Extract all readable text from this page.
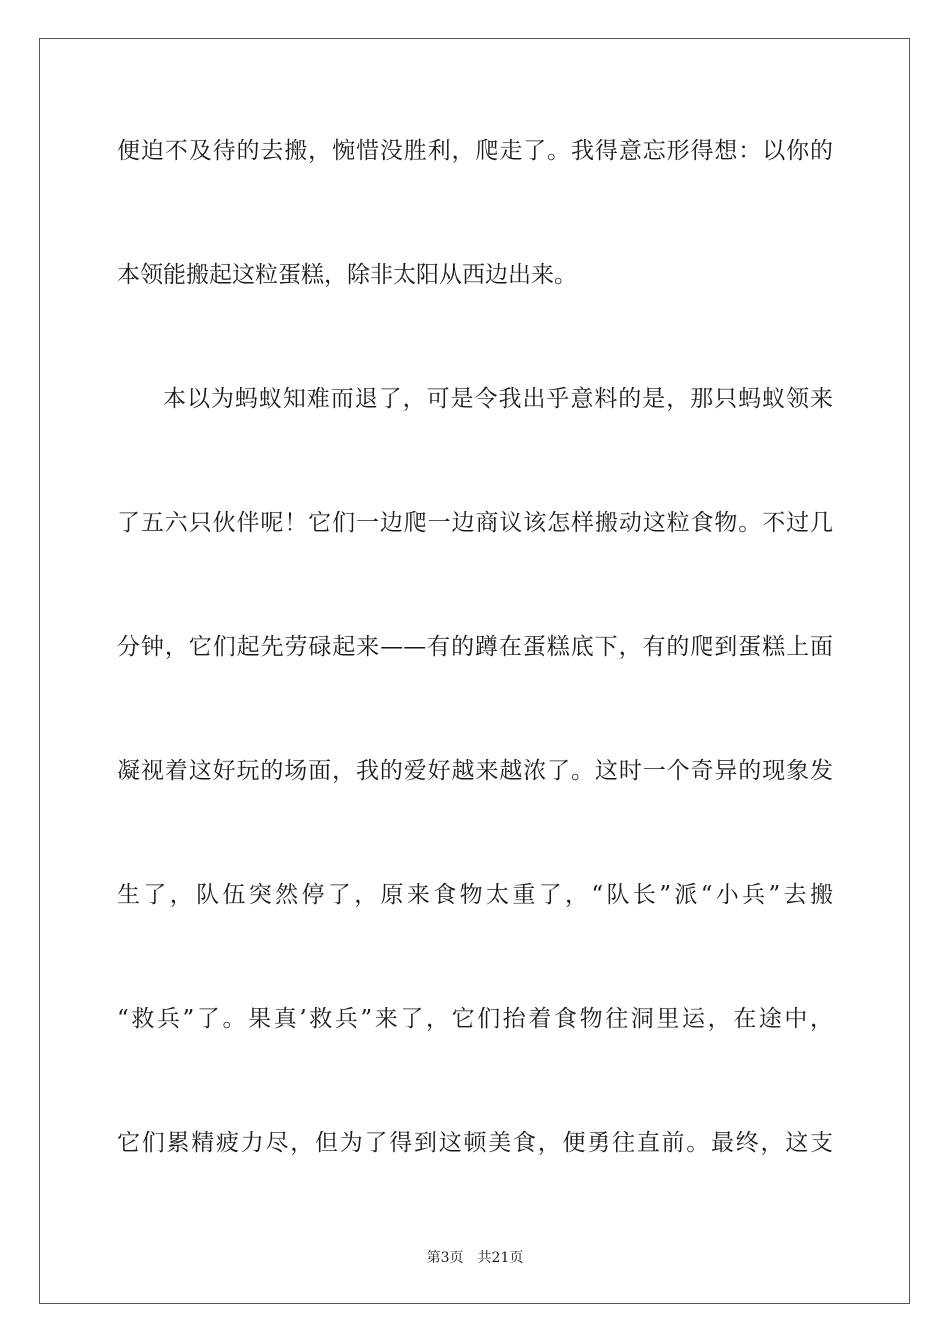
便迫不及待的去搬，惋惜没胜利，爬走了。我得意忘形得想：以你的
本领能搬起这粒蛋糕，除非太阳从西边出来。
本以为蚂蚁知难而退了，可是令我出乎意料的是，那只蚂蚁领来
了五六只伙伴呢！它们一边爬一边商议该怎样搬动这粒食物。不过几
分钟，它们起先劳碌起来——有的蹲在蛋糕底下，有的爬到蛋糕上面
凝视着这好玩的场面，我的爱好越来越浓了。这时一个奇异的现象发
生了，队伍突然停了，原来食物太重了，“队长”派“小兵”去搬
“救兵”了。果真’救兵”来了，它们抬着食物往洞里运，在途中，
它们累精疲力尽，但为了得到这顿美食，便勇往直前。最终，这支
第3页 共21页
